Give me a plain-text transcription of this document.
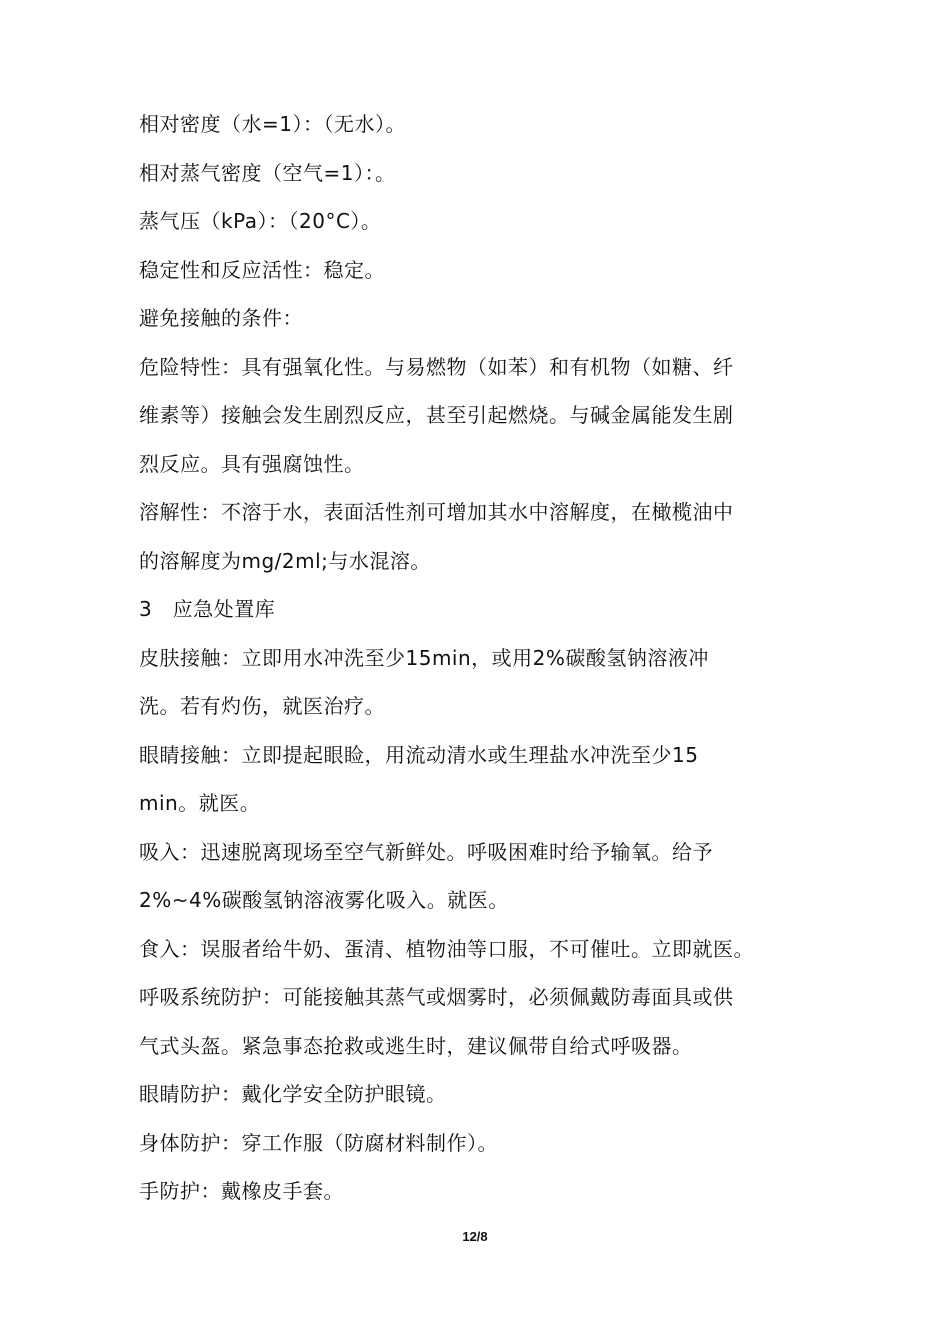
相对密度（水=1）：（无水）。
相对蒸气密度（空气=1）：。
蒸气压（kPa）：（20°C）。
稳定性和反应活性：稳定。
避免接触的条件：
危险特性：具有强氧化性。与易燃物（如苯）和有机物（如糖、纤
维素等）接触会发生剧烈反应，甚至引起燃烧。与碱金属能发生剧
烈反应。具有强腐蚀性。
溶解性：不溶于水，表面活性剂可增加其水中溶解度，在橄榄油中
的溶解度为mg/2ml;与水混溶。
3　应急处置库
皮肤接触：立即用水冲洗至少15min，或用2%碳酸氢钠溶液冲
洗。若有灼伤，就医治疗。
眼睛接触：立即提起眼睑，用流动清水或生理盐水冲洗至少15
min。就医。
吸入：迅速脱离现场至空气新鲜处。呼吸困难时给予输氧。给予
2%~4%碳酸氢钠溶液雾化吸入。就医。
食入：误服者给牛奶、蛋清、植物油等口服，不可催吐。立即就医。
呼吸系统防护：可能接触其蒸气或烟雾时，必须佩戴防毒面具或供
气式头盔。紧急事态抢救或逃生时，建议佩带自给式呼吸器。
眼睛防护：戴化学安全防护眼镜。
身体防护：穿工作服（防腐材料制作）。
手防护：戴橡皮手套。
12/8
